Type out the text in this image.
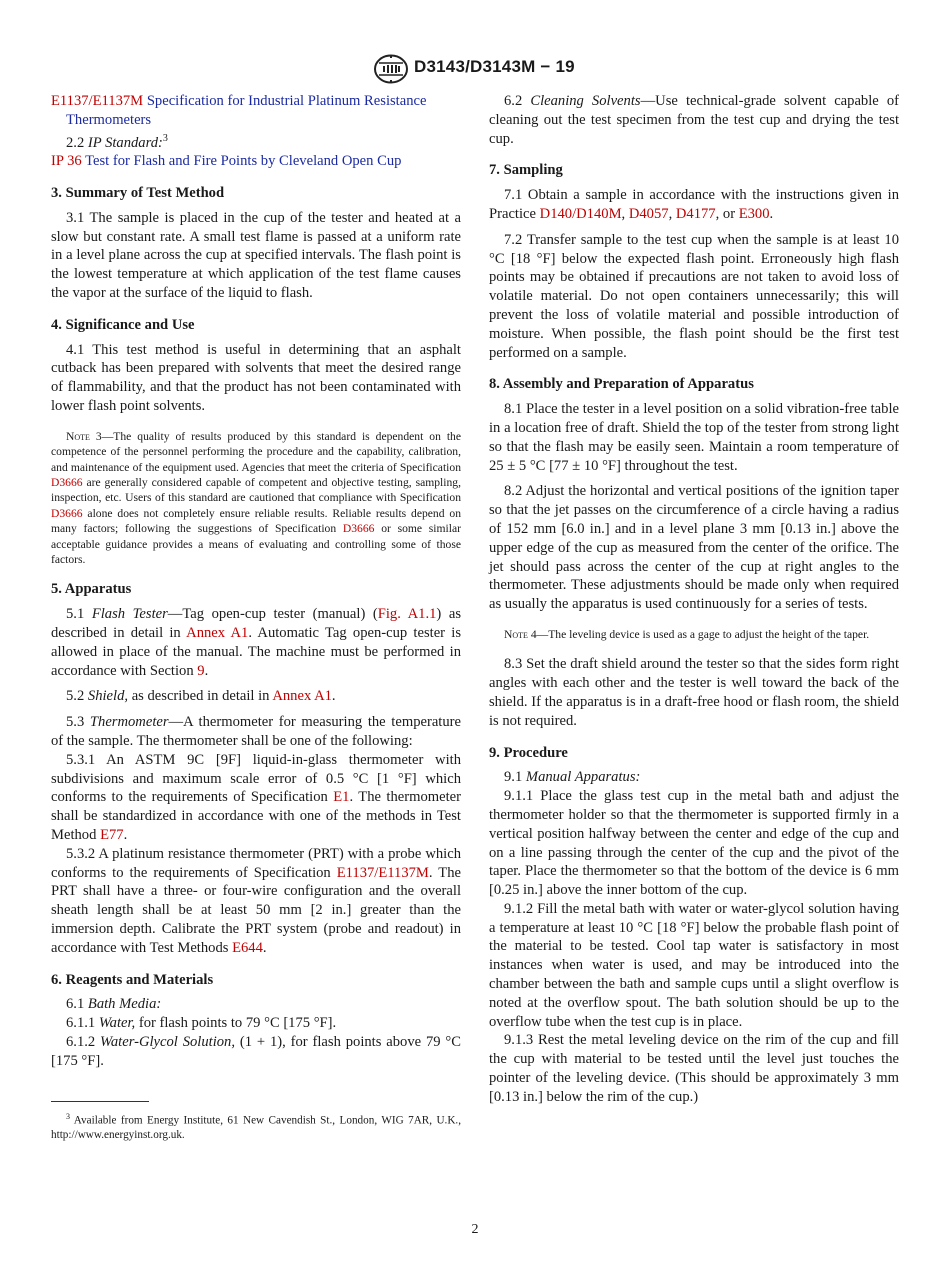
D3143/D3143M − 19

E1137/E1137M Specification for Industrial Platinum Resistance Thermometers

2.2 IP Standard:$^3$

IP 36 Test for Flash and Fire Points by Cleveland Open Cup

3. Summary of Test Method

3.1 The sample is placed in the cup of the tester and heated at a slow but constant rate. A small test flame is passed at a uniform rate in a level plane across the cup at specified intervals. The flash point is the lowest temperature at which application of the test flame causes the vapor at the surface of the liquid to flash.

4. Significance and Use

4.1 This test method is useful in determining that an asphalt cutback has been prepared with solvents that meet the desired range of flammability, and that the product has not been contaminated with lower flash point solvents.

Note 3—The quality of results produced by this standard is dependent on the competence of the personnel performing the procedure and the capability, calibration, and maintenance of the equipment used. Agencies that meet the criteria of Specification D3666 are generally considered capable of competent and objective testing, sampling, inspection, etc. Users of this standard are cautioned that compliance with Specification D3666 alone does not completely ensure reliable results. Reliable results depend on many factors; following the suggestions of Specification D3666 or some similar acceptable guidance provides a means of evaluating and controlling some of those factors.

5. Apparatus

5.1 Flash Tester—Tag open-cup tester (manual) (Fig. A1.1) as described in detail in Annex A1. Automatic Tag open-cup tester is allowed in place of the manual. The machine must be performed in accordance with Section 9.

5.2 Shield, as described in detail in Annex A1.

5.3 Thermometer—A thermometer for measuring the temperature of the sample. The thermometer shall be one of the following:

5.3.1 An ASTM 9C [9F] liquid-in-glass thermometer with subdivisions and maximum scale error of 0.5 °C [1 °F] which conforms to the requirements of Specification E1. The thermometer shall be standardized in accordance with one of the methods in Test Method E77.

5.3.2 A platinum resistance thermometer (PRT) with a probe which conforms to the requirements of Specification E1137/E1137M. The PRT shall have a three- or four-wire configuration and the overall sheath length shall be at least 50 mm [2 in.] greater than the immersion depth. Calibrate the PRT system (probe and readout) in accordance with Test Methods E644.

6. Reagents and Materials

6.1 Bath Media:

6.1.1 Water, for flash points to 79 °C [175 °F].

6.1.2 Water-Glycol Solution, (1 + 1), for flash points above 79 °C [175 °F].

$^3$ Available from Energy Institute, 61 New Cavendish St., London, WIG 7AR, U.K., http://www.energyinst.org.uk.

6.2 Cleaning Solvents—Use technical-grade solvent capable of cleaning out the test specimen from the test cup and drying the test cup.

7. Sampling

7.1 Obtain a sample in accordance with the instructions given in Practice D140/D140M, D4057, D4177, or E300.

7.2 Transfer sample to the test cup when the sample is at least 10 °C [18 °F] below the expected flash point. Erroneously high flash points may be obtained if precautions are not taken to avoid loss of volatile material. Do not open containers unnecessarily; this will prevent the loss of volatile material and possible introduction of moisture. When possible, the flash point should be the first test performed on a sample.

8. Assembly and Preparation of Apparatus

8.1 Place the tester in a level position on a solid vibration-free table in a location free of draft. Shield the top of the tester from strong light so that the flash may be easily seen. Maintain a room temperature of 25 ± 5 °C [77 ± 10 °F] throughout the test.

8.2 Adjust the horizontal and vertical positions of the ignition taper so that the jet passes on the circumference of a circle having a radius of 152 mm [6.0 in.] and in a level plane 3 mm [0.13 in.] above the upper edge of the cup as measured from the center of the orifice. The jet should pass across the center of the cup at right angles to the thermometer. These adjustments should be made only when required as usually the apparatus is used continuously for a series of tests.

Note 4—The leveling device is used as a gage to adjust the height of the taper.

8.3 Set the draft shield around the tester so that the sides form right angles with each other and the tester is well toward the back of the shield. If the apparatus is in a draft-free hood or flash room, the shield is not required.

9. Procedure

9.1 Manual Apparatus:

9.1.1 Place the glass test cup in the metal bath and adjust the thermometer holder so that the thermometer is supported firmly in a vertical position halfway between the center and edge of the cup and on a line passing through the center of the cup and the pivot of the taper. Place the thermometer so that the bottom of the device is 6 mm [0.25 in.] above the inner bottom of the cup.

9.1.2 Fill the metal bath with water or water-glycol solution having a temperature at least 10 °C [18 °F] below the probable flash point of the material to be tested. Cool tap water is satisfactory in most instances when water is used, and may be introduced into the chamber between the bath and sample cups until a slight overflow is noted at the overflow spout. The bath solution should be up to the overflow tube when the test cup is in place.

9.1.3 Rest the metal leveling device on the rim of the cup and fill the cup with material to be tested until the level just touches the pointer of the leveling device. (This should be approximately 3 mm [0.13 in.] below the rim of the cup.)

2
